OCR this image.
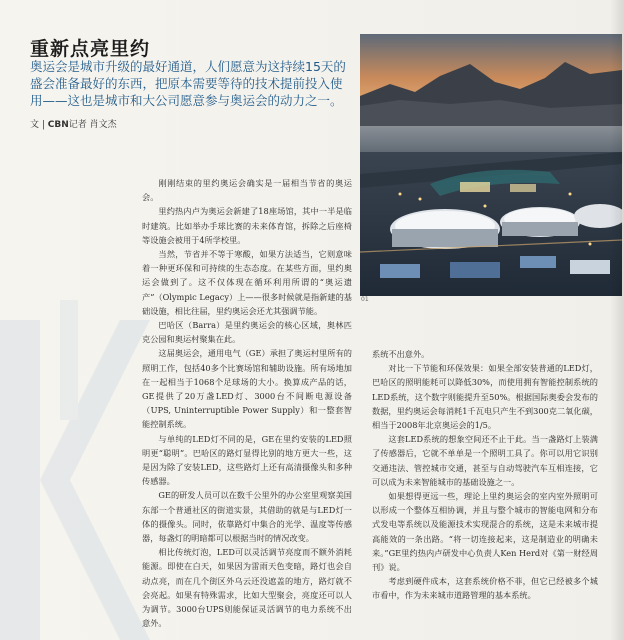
重新点亮里约
奥运会是城市升级的最好通道，人们愿意为这持续15天的盛会准备最好的东西，把原本需要等待的技术提前投入使用——这也是城市和大公司愿意参与奥运会的动力之一。
文 | CBN记者 肖文杰
01

刚刚结束的里约奥运会确实是一届相当节省的奥运会。

里约热内卢为奥运会新建了18座场馆，其中一半是临时建筑。比如举办手球比赛的未来体育馆，拆除之后座椅等设施会被用于4所学校里。

当然，节省并不等于寒酸，如果方法适当，它则意味着一种更环保和可持续的生态态度。在某些方面，里约奥运会做到了。这不仅体现在循环利用所谓的“奥运遗产”（Olympic Legacy）上——很多时候就是指新建的基础设施，相比往届，里约奥运会还尤其强调节能。

巴哈区（Barra）是里约奥运会的核心区域，奥林匹克公园和奥运村聚集在此。

这届奥运会，通用电气（GE）承担了奥运村里所有的照明工作，包括40多个比赛场馆和辅助设施。所有场地加在一起相当于1068个足球场的大小。换算成产品的话，GE提供了20万盏LED灯、3000台不间断电源设备（UPS, Uninterruptible Power Supply）和一整套智能控制系统。

与单纯的LED灯不同的是，GE在里约安装的LED照明更“聪明”。巴哈区的路灯显得比别的地方更大一些，这是因为除了安装LED，这些路灯上还有高清摄像头和多种传感器。

GE的研发人员可以在数千公里外的办公室里观察美国东部一个普通社区的街道实景，其借助的就是与LED灯一体的摄像头。同时，依靠路灯中集合的光学、温度等传感器，每盏灯的明暗都可以根据当时的情况改变。

相比传统灯泡，LED可以灵活调节亮度而不额外消耗能源。即使在白天，如果因为雷雨天色变暗，路灯也会自动点亮，而在几个街区外乌云还没遮盖的地方，路灯就不会亮起。如果有特殊需求，比如大型聚会，亮度还可以人为调节。3000台UPS则能保证灵活调节的电力系统不出意外。

系统不出意外。

对比一下节能和环保效果：如果全部安装普通的LED灯，巴哈区的照明能耗可以降低30%，而使用拥有智能控制系统的LED系统，这个数字则能提升至50%。根据国际奥委会发布的数据，里约奥运会每消耗1千瓦电只产生不到300克二氧化碳，相当于2008年北京奥运会的1/5。

这套LED系统的想象空间还不止于此。当一盏路灯上装满了传感器后，它就不单单是一个照明工具了。你可以用它识别交通违法、管控城市交通，甚至与自动驾驶汽车互相连接，它可以成为未来智能城市的基础设施之一。

如果想得更远一些，理论上里约奥运会的室内室外照明可以形成一个整体互相协调，并且与整个城市的智能电网和分布式发电等系统以及能源技术实现混合的系统，这是未来城市提高能效的一条出路。“将一切连接起来，这是制造业的明确未来。”GE里约热内卢研发中心负责人Ken Herd对《第一财经周刊》说。

考虑到硬件成本，这套系统价格不菲，但它已经被多个城市看中，作为未来城市道路管理的基本系统。
